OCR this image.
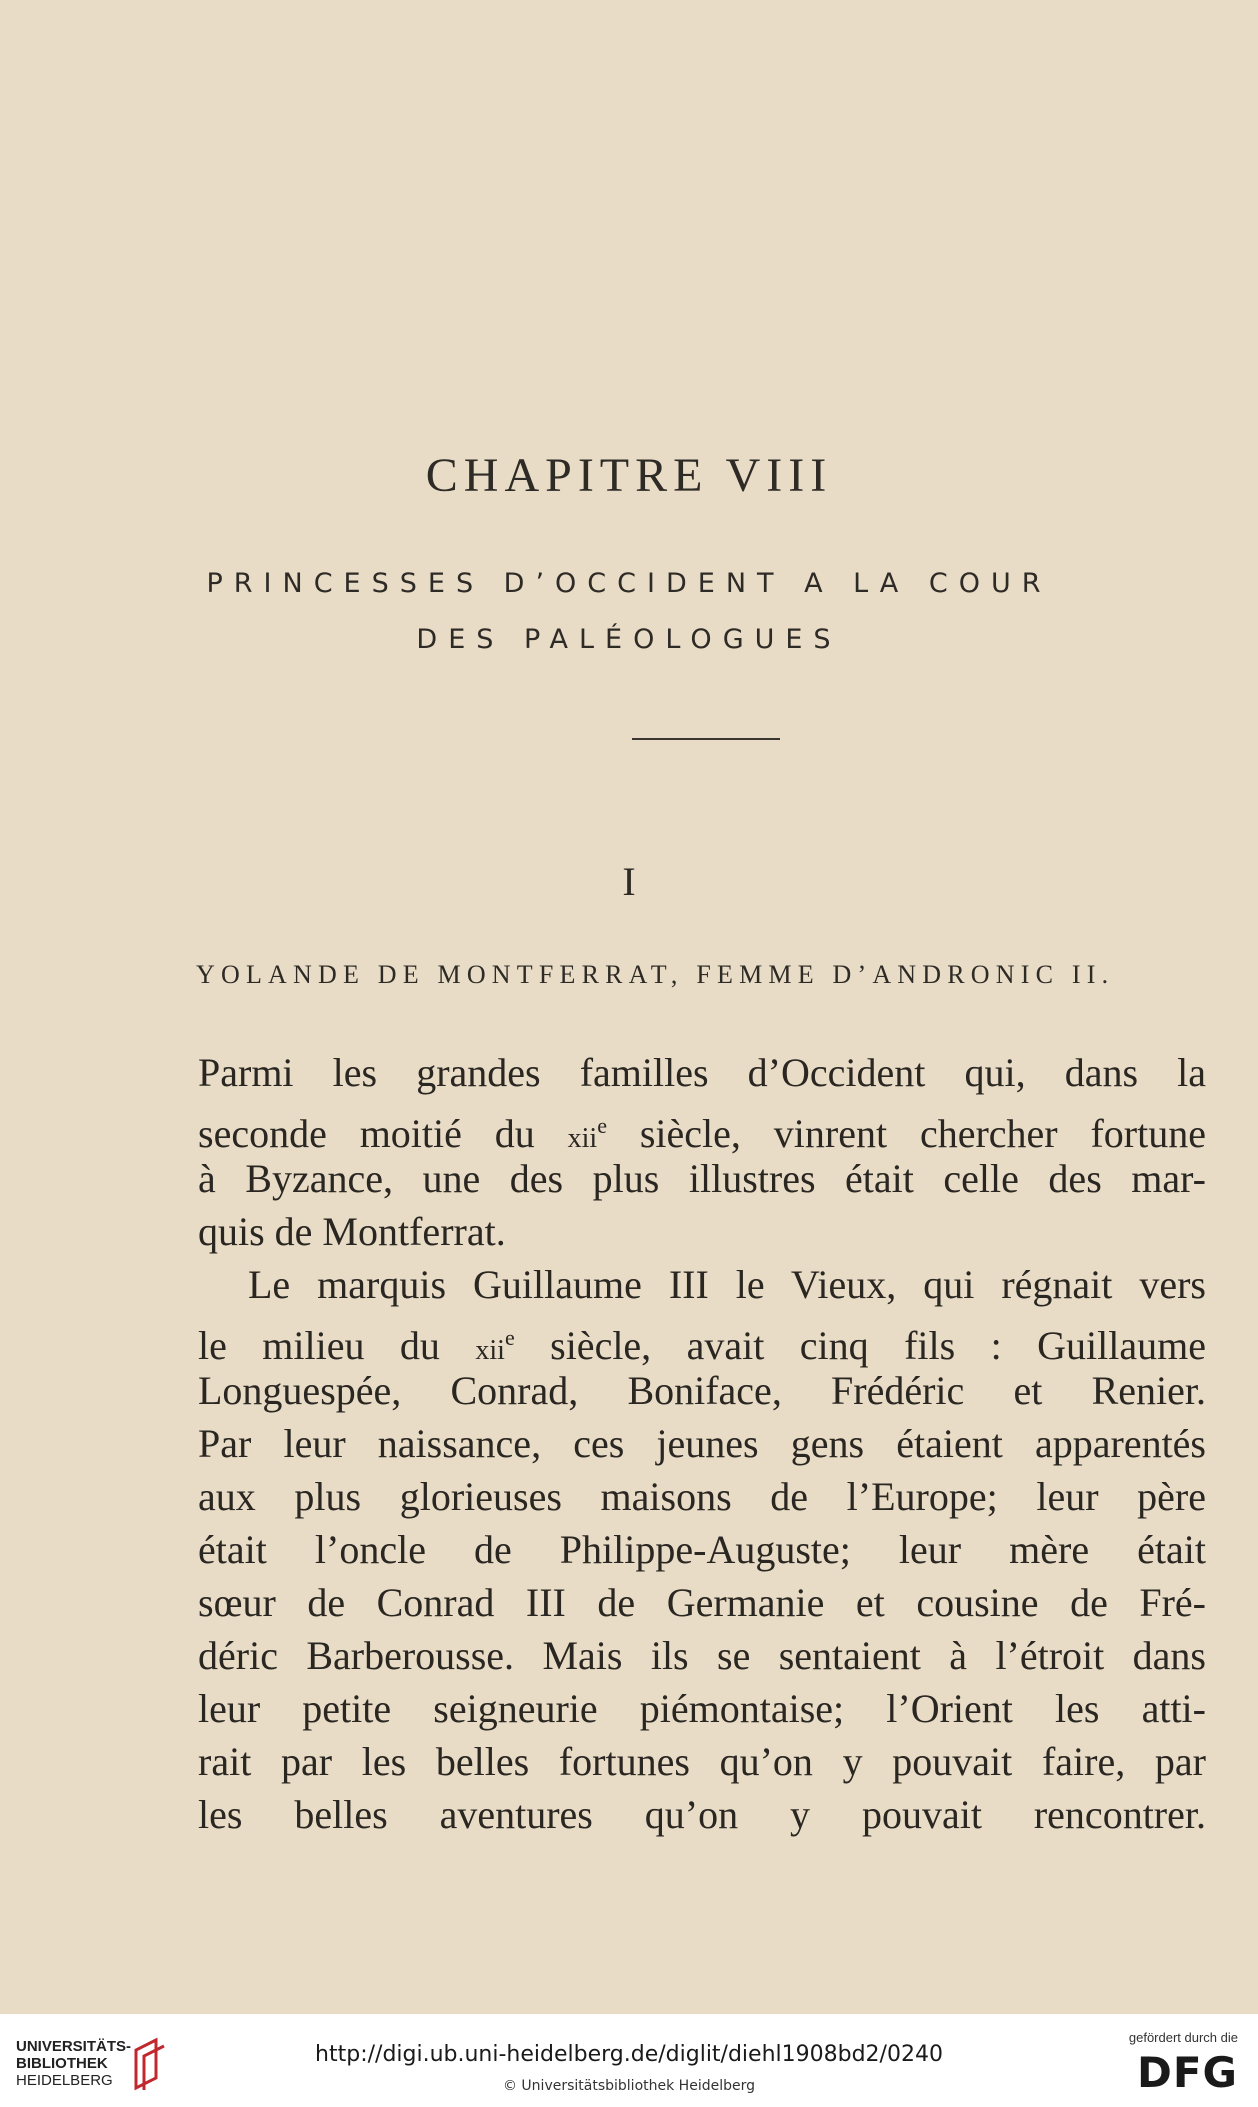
CHAPITRE VIII
PRINCESSES D’OCCIDENT A LA COUR
DES PALÉOLOGUES
I
YOLANDE DE MONTFERRAT, FEMME D’ANDRONIC II.
Parmi les grandes familles d’Occident qui, dans la
seconde moitié du xii$^e$ siècle, vinrent chercher fortune
à Byzance, une des plus illustres était celle des mar-
quis de Montferrat.
Le marquis Guillaume III le Vieux, qui régnait vers
le milieu du xii$^e$ siècle, avait cinq fils : Guillaume
Longuespée, Conrad, Boniface, Frédéric et Renier.
Par leur naissance, ces jeunes gens étaient apparentés
aux plus glorieuses maisons de l’Europe; leur père
était l’oncle de Philippe-Auguste; leur mère était
sœur de Conrad III de Germanie et cousine de Fré-
déric Barberousse. Mais ils se sentaient à l’étroit dans
leur petite seigneurie piémontaise; l’Orient les atti-
rait par les belles fortunes qu’on y pouvait faire, par
les belles aventures qu’on y pouvait rencontrer.
UNIVERSITÄTS-
BIBLIOTHEK
HEIDELBERG
http://digi.ub.uni-heidelberg.de/diglit/diehl1908bd2/0240
© Universitätsbibliothek Heidelberg
gefördert durch die
DFG
